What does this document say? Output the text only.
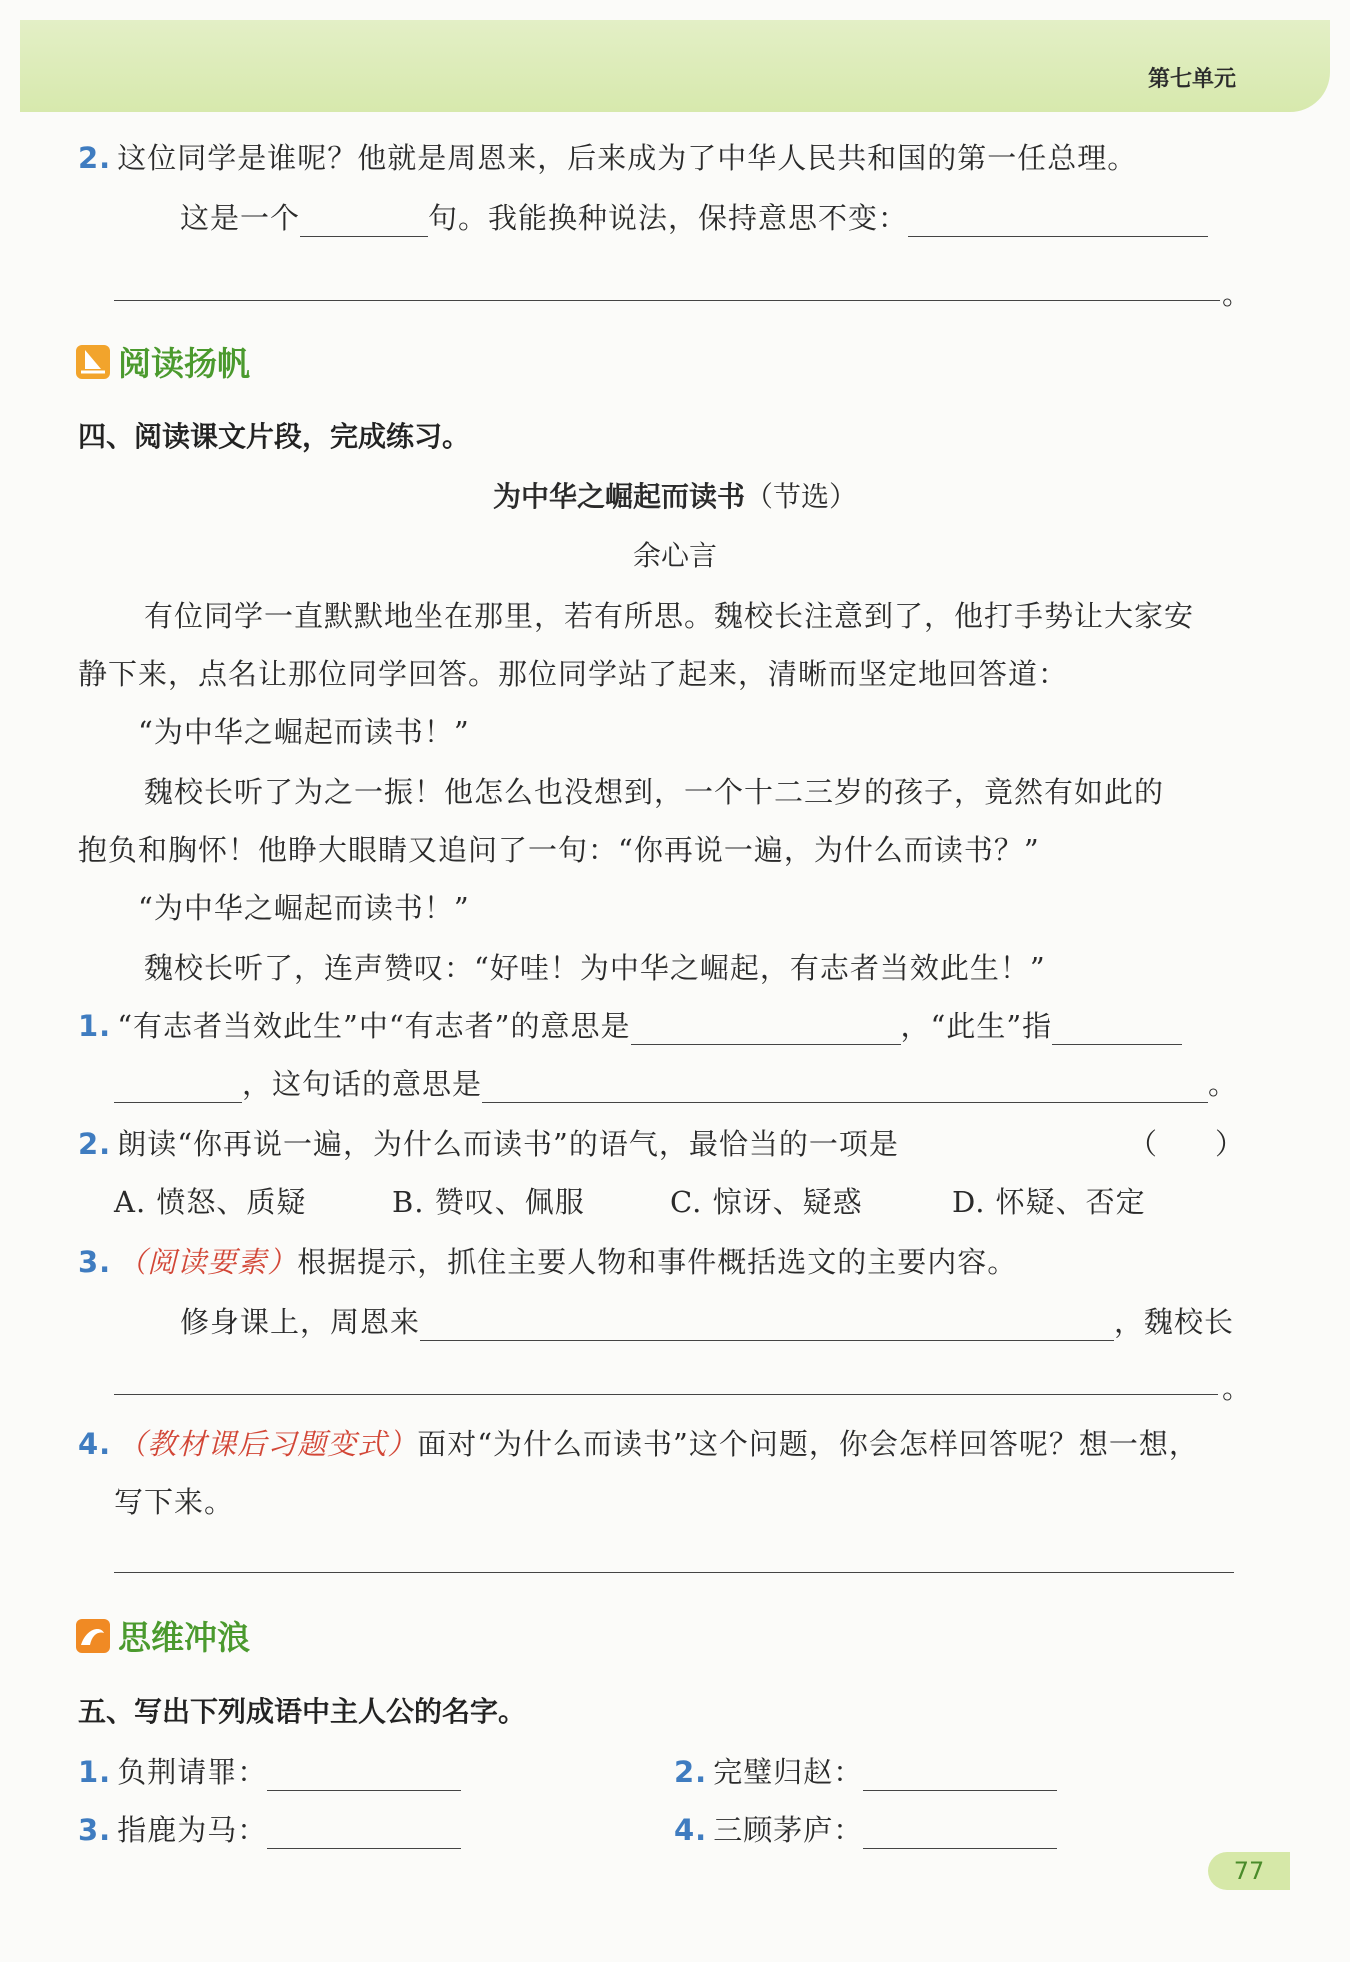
第七单元
2. 这位同学是谁呢？他就是周恩来，后来成为了中华人民共和国的第一任总理。
这是一个	句。我能换种说法，保持意思不变：
。
阅读扬帆
四、阅读课文片段，完成练习。
为中华之崛起而读书（节选）
余心言
有位同学一直默默地坐在那里，若有所思。魏校长注意到了，他打手势让大家安
静下来，点名让那位同学回答。那位同学站了起来，清晰而坚定地回答道：
“为中华之崛起而读书！”
魏校长听了为之一振！他怎么也没想到，一个十二三岁的孩子，竟然有如此的
抱负和胸怀！他睁大眼睛又追问了一句：“你再说一遍，为什么而读书？”
“为中华之崛起而读书！”
魏校长听了，连声赞叹：“好哇！为中华之崛起，有志者当效此生！”
1. “有志者当效此生”中“有志者”的意思是	，“此生”指
，这句话的意思是	。
2. 朗读“你再说一遍，为什么而读书”的语气，最恰当的一项是	（　　）
A. 愤怒、质疑	B. 赞叹、佩服	C. 惊讶、疑惑	D. 怀疑、否定
3. （阅读要素）根据提示，抓住主要人物和事件概括选文的主要内容。
修身课上，周恩来	，魏校长
。
4. （教材课后习题变式）面对“为什么而读书”这个问题，你会怎样回答呢？想一想，
写下来。
思维冲浪
五、写出下列成语中主人公的名字。
1. 负荆请罪：	2. 完璧归赵：
3. 指鹿为马：	4. 三顾茅庐：
77
